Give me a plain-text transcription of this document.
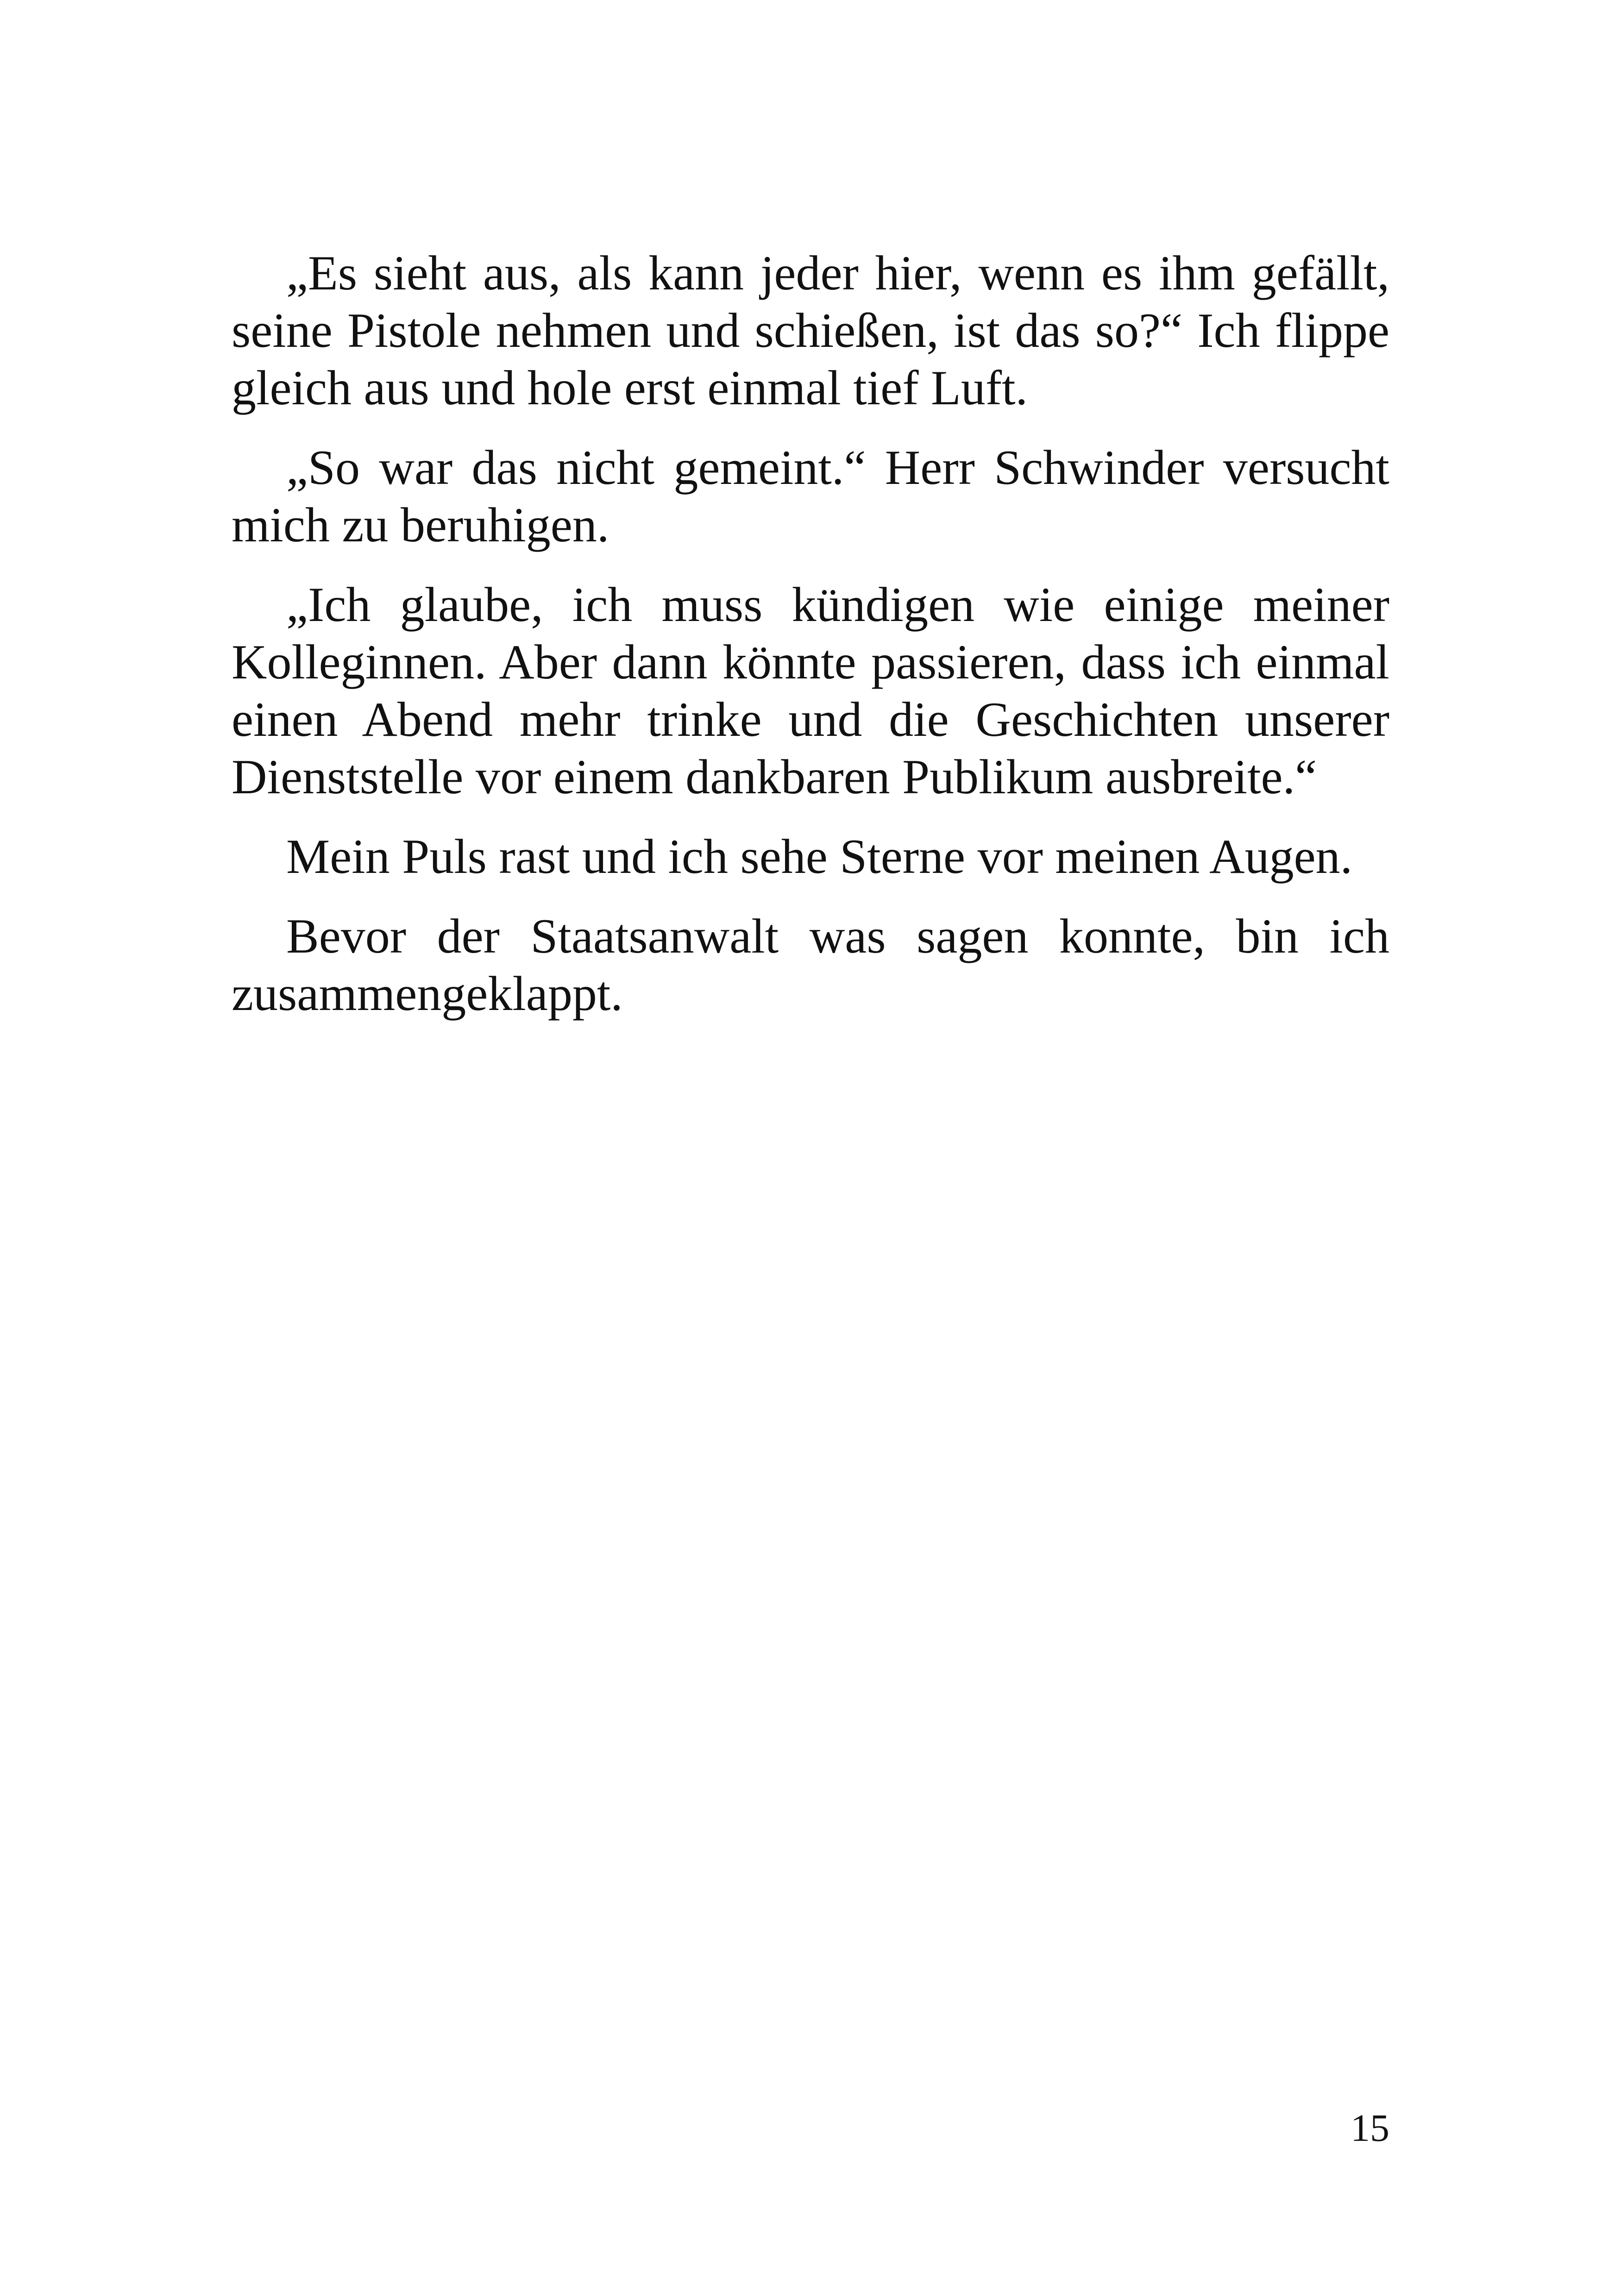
„Es sieht aus, als kann jeder hier, wenn es ihm gefällt, seine Pistole nehmen und schießen, ist das so?“ Ich flippe gleich aus und hole erst einmal tief Luft.

„So war das nicht gemeint.“ Herr Schwinder versucht mich zu beruhigen.

„Ich glaube, ich muss kündigen wie einige meiner Kolleginnen. Aber dann könnte passieren, dass ich einmal einen Abend mehr trinke und die Geschichten unserer Dienststelle vor einem dankbaren Publikum ausbreite.“

Mein Puls rast und ich sehe Sterne vor meinen Augen.

Bevor der Staatsanwalt was sagen konnte, bin ich zusammengeklappt.

15
